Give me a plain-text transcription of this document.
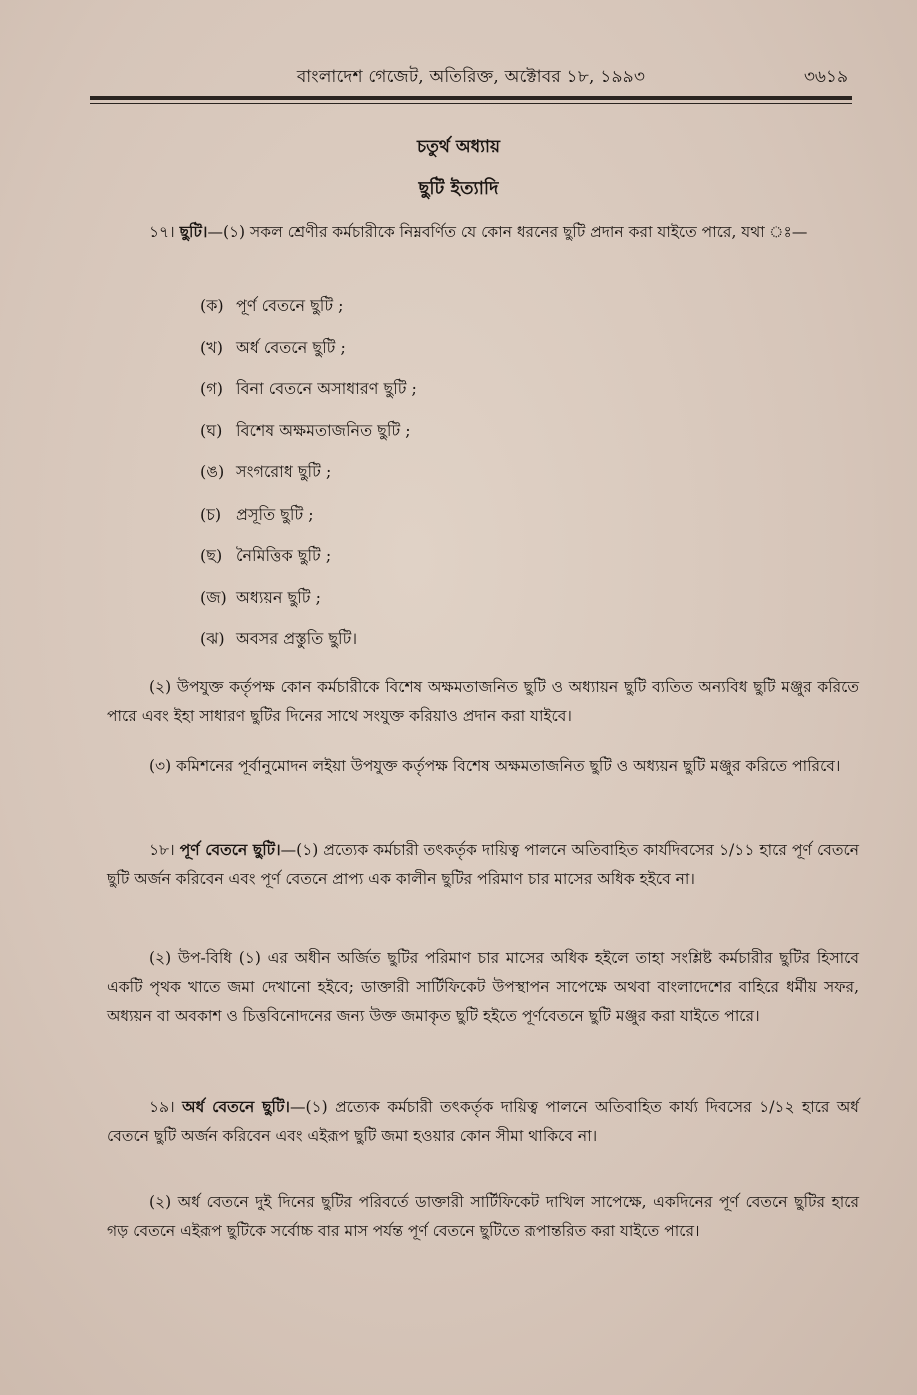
বাংলাদেশ গেজেট, অতিরিক্ত, অক্টোবর ১৮, ১৯৯৩	৩৬১৯
চতুর্থ অধ্যায়
ছুটি ইত্যাদি
১৭। ছুটি।—(১) সকল শ্রেণীর কর্মচারীকে নিম্নবর্ণিত যে কোন ধরনের ছুটি প্রদান করা যাইতে পারে, যথা ঃ—
(ক) পূর্ণ বেতনে ছুটি ;
(খ) অর্ধ বেতনে ছুটি ;
(গ) বিনা বেতনে অসাধারণ ছুটি ;
(ঘ) বিশেষ অক্ষমতাজনিত ছুটি ;
(ঙ) সংগরোধ ছুটি ;
(চ) প্রসূতি ছুটি ;
(ছ) নৈমিত্তিক ছুটি ;
(জ) অধ্যয়ন ছুটি ;
(ঝ) অবসর প্রস্তুতি ছুটি।
(২) উপযুক্ত কর্তৃপক্ষ কোন কর্মচারীকে বিশেষ অক্ষমতাজনিত ছুটি ও অধ্যায়ন ছুটি ব্যতিত অন্যবিধ ছুটি মঞ্জুর করিতে পারে এবং ইহা সাধারণ ছুটির দিনের সাথে সংযুক্ত করিয়াও প্রদান করা যাইবে।
(৩) কমিশনের পূর্বানুমোদন লইয়া উপযুক্ত কর্তৃপক্ষ বিশেষ অক্ষমতাজনিত ছুটি ও অধ্যয়ন ছুটি মঞ্জুর করিতে পারিবে।
১৮। পূর্ণ বেতনে ছুটি।—(১) প্রত্যেক কর্মচারী তৎকর্তৃক দায়িত্ব পালনে অতিবাহিত কার্যদিবসের ১/১১ হারে পূর্ণ বেতনে ছুটি অর্জন করিবেন এবং পূর্ণ বেতনে প্রাপ্য এক কালীন ছুটির পরিমাণ চার মাসের অধিক হইবে না।
(২) উপ-বিধি (১) এর অধীন অর্জিত ছুটির পরিমাণ চার মাসের অধিক হইলে তাহা সংশ্লিষ্ট কর্মচারীর ছুটির হিসাবে একটি পৃথক খাতে জমা দেখানো হইবে; ডাক্তারী সার্টিফিকেট উপস্থাপন সাপেক্ষে অথবা বাংলাদেশের বাহিরে ধর্মীয় সফর, অধ্যয়ন বা অবকাশ ও চিত্তবিনোদনের জন্য উক্ত জমাকৃত ছুটি হইতে পূর্ণবেতনে ছুটি মঞ্জুর করা যাইতে পারে।
১৯। অর্ধ বেতনে ছুটি।—(১) প্রত্যেক কর্মচারী তৎকর্তৃক দায়িত্ব পালনে অতিবাহিত কার্য্য দিবসের ১/১২ হারে অর্ধ বেতনে ছুটি অর্জন করিবেন এবং এইরূপ ছুটি জমা হওয়ার কোন সীমা থাকিবে না।
(২) অর্ধ বেতনে দুই দিনের ছুটির পরিবর্তে ডাক্তারী সার্টিফিকেট দাখিল সাপেক্ষে, একদিনের পূর্ণ বেতনে ছুটির হারে গড় বেতনে এইরূপ ছুটিকে সর্বোচ্চ বার মাস পর্যন্ত পূর্ণ বেতনে ছুটিতে রূপান্তরিত করা যাইতে পারে।
